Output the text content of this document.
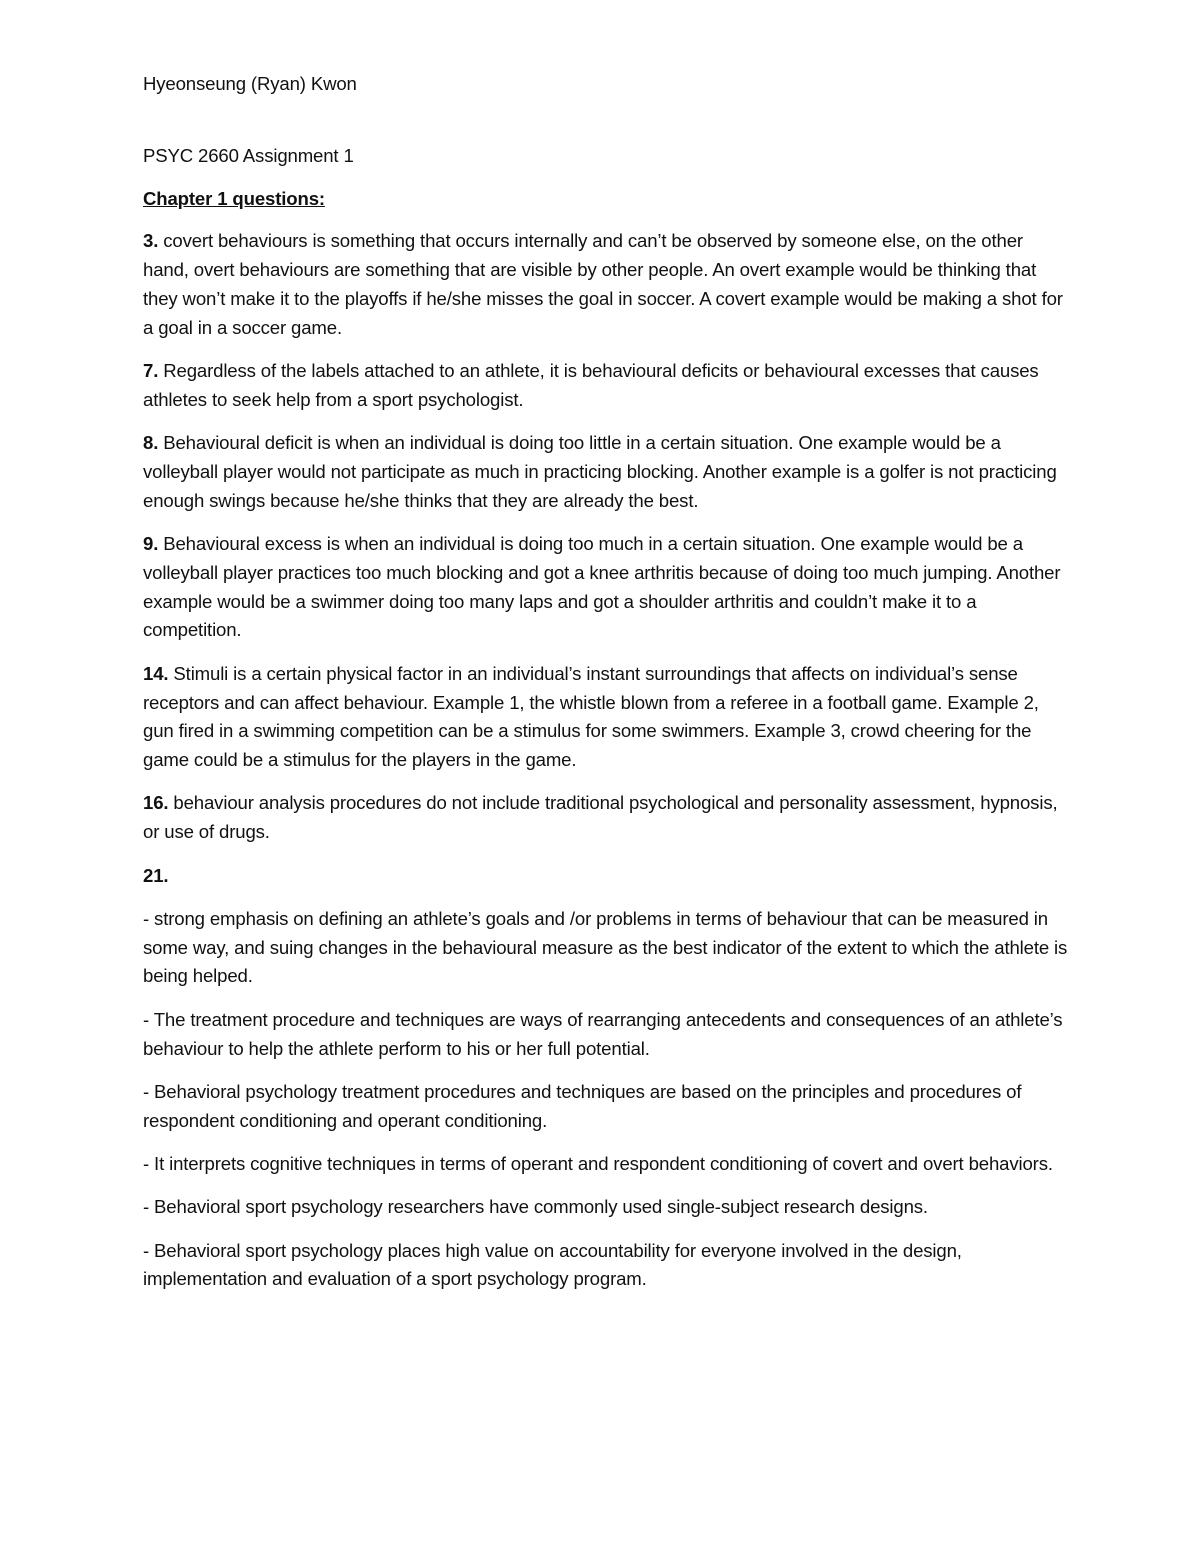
Hyeonseung (Ryan) Kwon

PSYC 2660 Assignment 1

Chapter 1 questions:

3. covert behaviours is something that occurs internally and can’t be observed by someone else, on the other hand, overt behaviours are something that are visible by other people. An overt example would be thinking that they won’t make it to the playoffs if he/she misses the goal in soccer. A covert example would be making a shot for a goal in a soccer game.

7. Regardless of the labels attached to an athlete, it is behavioural deficits or behavioural excesses that causes athletes to seek help from a sport psychologist.

8. Behavioural deficit is when an individual is doing too little in a certain situation. One example would be a volleyball player would not participate as much in practicing blocking. Another example is a golfer is not practicing enough swings because he/she thinks that they are already the best.

9. Behavioural excess is when an individual is doing too much in a certain situation. One example would be a volleyball player practices too much blocking and got a knee arthritis because of doing too much jumping. Another example would be a swimmer doing too many laps and got a shoulder arthritis and couldn’t make it to a competition.

14. Stimuli is a certain physical factor in an individual’s instant surroundings that affects on individual’s sense receptors and can affect behaviour. Example 1, the whistle blown from a referee in a football game. Example 2, gun fired in a swimming competition can be a stimulus for some swimmers. Example 3, crowd cheering for the game could be a stimulus for the players in the game.

16. behaviour analysis procedures do not include traditional psychological and personality assessment, hypnosis, or use of drugs.

21.

- strong emphasis on defining an athlete’s goals and /or problems in terms of behaviour that can be measured in some way, and suing changes in the behavioural measure as the best indicator of the extent to which the athlete is being helped.

- The treatment procedure and techniques are ways of rearranging antecedents and consequences of an athlete’s behaviour to help the athlete perform to his or her full potential.

- Behavioral psychology treatment procedures and techniques are based on the principles and procedures of respondent conditioning and operant conditioning.

- It interprets cognitive techniques in terms of operant and respondent conditioning of covert and overt behaviors.

- Behavioral sport psychology researchers have commonly used single-subject research designs.

- Behavioral sport psychology places high value on accountability for everyone involved in the design, implementation and evaluation of a sport psychology program.
